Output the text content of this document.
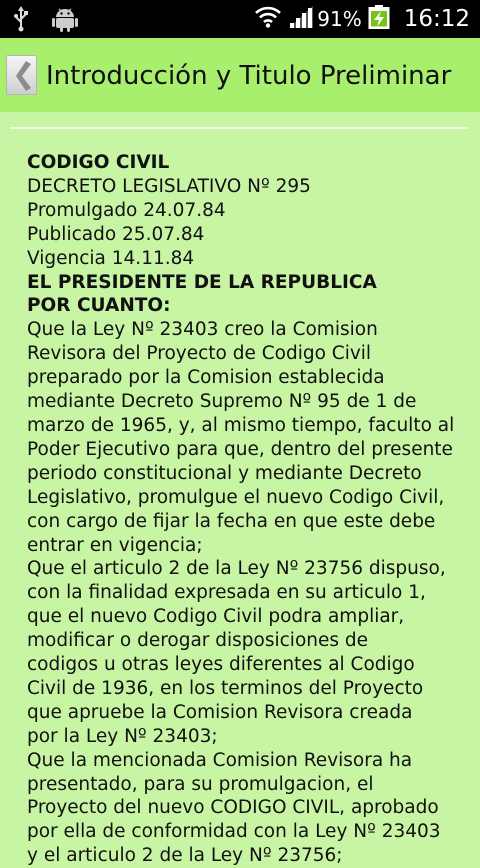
91% 16:12
Introducción y Titulo Preliminar
CODIGO CIVIL
DECRETO LEGISLATIVO Nº 295
Promulgado 24.07.84
Publicado 25.07.84
Vigencia 14.11.84
EL PRESIDENTE DE LA REPUBLICA
POR CUANTO:
Que la Ley Nº 23403 creo la Comision
Revisora del Proyecto de Codigo Civil
preparado por la Comision establecida
mediante Decreto Supremo Nº 95 de 1 de
marzo de 1965, y, al mismo tiempo, faculto al
Poder Ejecutivo para que, dentro del presente
periodo constitucional y mediante Decreto
Legislativo, promulgue el nuevo Codigo Civil,
con cargo de fijar la fecha en que este debe
entrar en vigencia;
Que el articulo 2 de la Ley Nº 23756 dispuso,
con la finalidad expresada en su articulo 1,
que el nuevo Codigo Civil podra ampliar,
modificar o derogar disposiciones de
codigos u otras leyes diferentes al Codigo
Civil de 1936, en los terminos del Proyecto
que apruebe la Comision Revisora creada
por la Ley Nº 23403;
Que la mencionada Comision Revisora ha
presentado, para su promulgacion, el
Proyecto del nuevo CODIGO CIVIL, aprobado
por ella de conformidad con la Ley Nº 23403
y el articulo 2 de la Ley Nº 23756;
